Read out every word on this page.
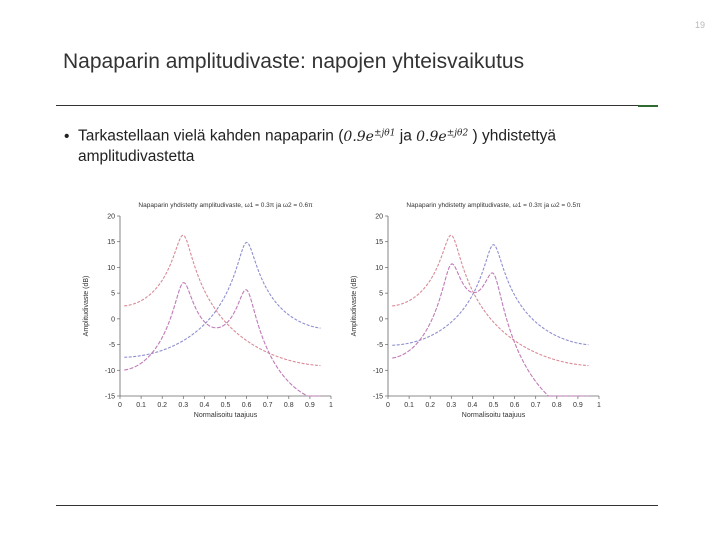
19
Napaparin amplitudivaste: napojen yhteisvaikutus
• Tarkastellaan vielä kahden napaparin ($0.9e^{\pm j\theta 1}$ ja $0.9e^{\pm j\theta 2}$ ) yhdistettyä
amplitudivastetta
Napaparin yhdistetty amplitudivaste, ω1 = 0.3π ja ω2 = 0.6π
20
15
10
5
0
-5
-10
-15
0 0.1 0.2 0.3 0.4 0.5 0.6 0.7 0.8 0.9 1
Normalisoitu taajuus
Amplitudivaste (dB)
Napaparin yhdistetty amplitudivaste, ω1 = 0.3π ja ω2 = 0.5π
20
15
10
5
0
-5
-10
-15
0 0.1 0.2 0.3 0.4 0.5 0.6 0.7 0.8 0.9 1
Normalisoitu taajuus
Amplitudivaste (dB)
